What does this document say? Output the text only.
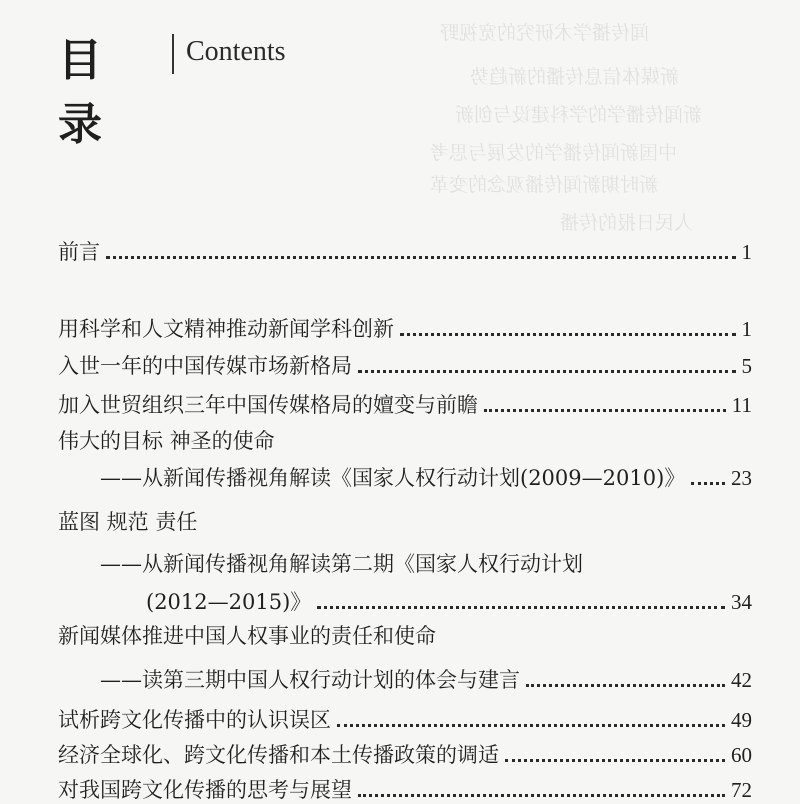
闻传播学术研究的宽视野
新媒体信息传播的新趋势
新闻传播学的学科建设与创新
中国新闻传播学的发展与思考
新时期新闻传播观念的变革
人民日报的传播
目 录
Contents
前言	1
用科学和人文精神推动新闻学科创新	1
入世一年的中国传媒市场新格局	5
加入世贸组织三年中国传媒格局的嬗变与前瞻	11
伟大的目标 神圣的使命
——从新闻传播视角解读《国家人权行动计划(2009—2010)》 23
蓝图 规范 责任
——从新闻传播视角解读第二期《国家人权行动计划
(2012—2015)》	34
新闻媒体推进中国人权事业的责任和使命
——读第三期中国人权行动计划的体会与建言	42
试析跨文化传播中的认识误区	49
经济全球化、跨文化传播和本土传播政策的调适	60
对我国跨文化传播的思考与展望	72
